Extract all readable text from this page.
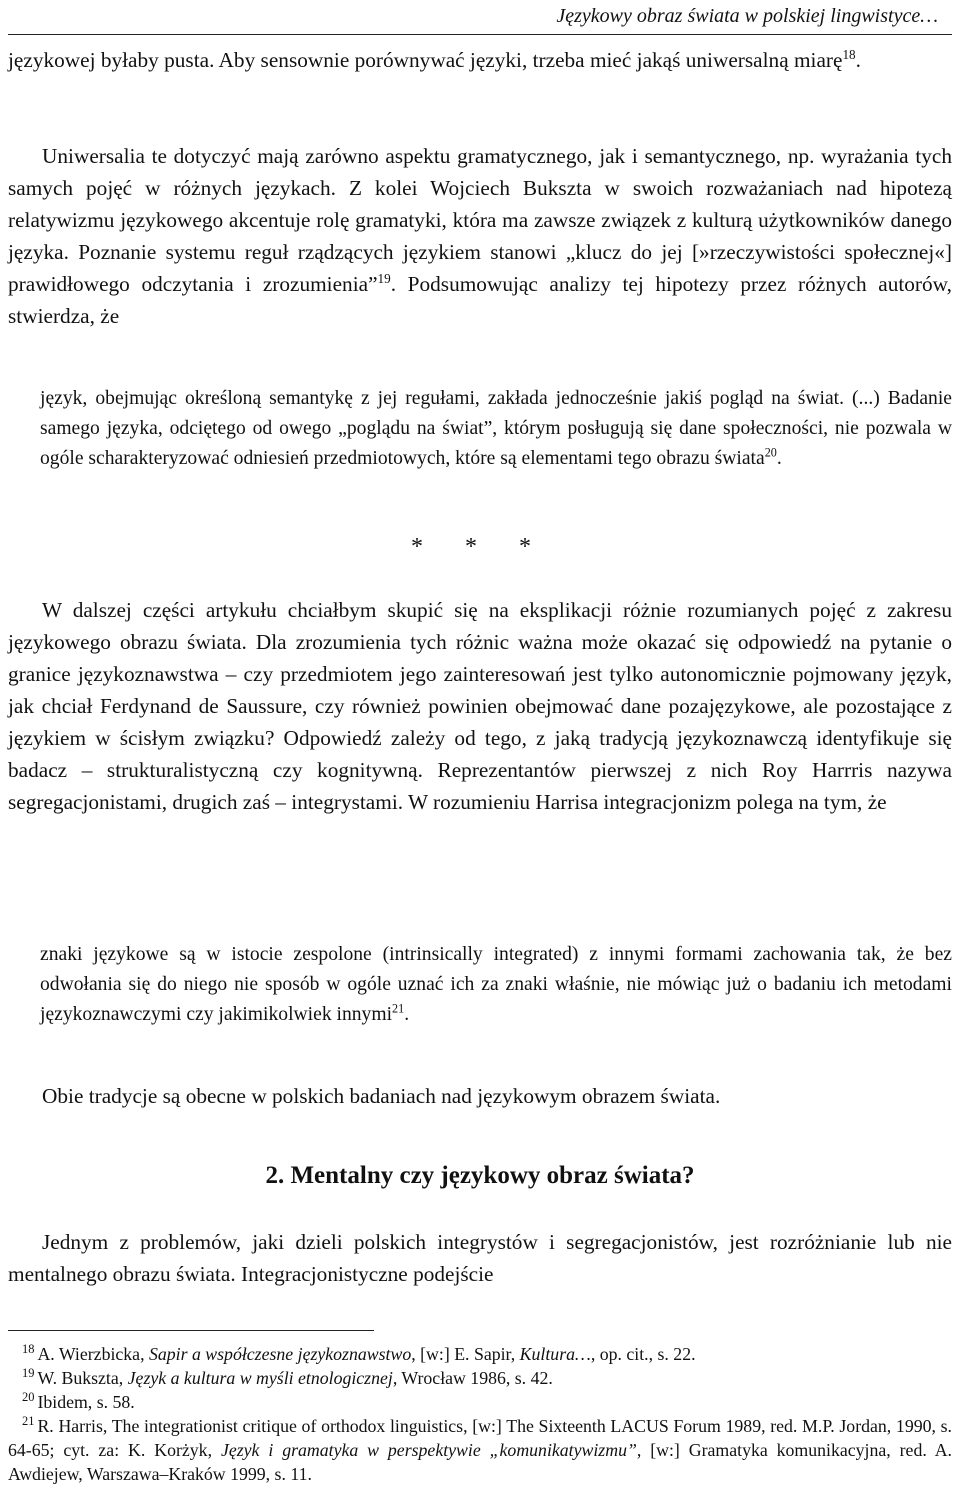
Językowy obraz świata w polskiej lingwistyce…

językowej byłaby pusta. Aby sensownie porównywać języki, trzeba mieć jakąś uniwersalną miarę$^{18}$.

Uniwersalia te dotyczyć mają zarówno aspektu gramatycznego, jak i semantycznego, np. wyrażania tych samych pojęć w różnych językach. Z kolei Wojciech Bukszta w swoich rozważaniach nad hipotezą relatywizmu językowego akcentuje rolę gramatyki, która ma zawsze związek z kulturą użytkowników danego języka. Poznanie systemu reguł rządzących językiem stanowi „klucz do jej [»rzeczywistości społecznej«] prawidłowego odczytania i zrozumienia”$^{19}$. Podsumowując analizy tej hipotezy przez różnych autorów, stwierdza, że

język, obejmując określoną semantykę z jej regułami, zakłada jednocześnie jakiś pogląd na świat. (...) Badanie samego języka, odciętego od owego „poglądu na świat”, którym posługują się dane społeczności, nie pozwala w ogóle scharakteryzować odniesień przedmiotowych, które są elementami tego obrazu świata$^{20}$.

* * *

W dalszej części artykułu chciałbym skupić się na eksplikacji różnie rozumianych pojęć z zakresu językowego obrazu świata. Dla zrozumienia tych różnic ważna może okazać się odpowiedź na pytanie o granice językoznawstwa – czy przedmiotem jego zainteresowań jest tylko autonomicznie pojmowany język, jak chciał Ferdynand de Saussure, czy również powinien obejmować dane pozajęzykowe, ale pozostające z językiem w ścisłym związku? Odpowiedź zależy od tego, z jaką tradycją językoznawczą identyfikuje się badacz – strukturalistyczną czy kognitywną. Reprezentantów pierwszej z nich Roy Harrris nazywa segregacjonistami, drugich zaś – integrystami. W rozumieniu Harrisa integracjonizm polega na tym, że

znaki językowe są w istocie zespolone (intrinsically integrated) z innymi formami zachowania tak, że bez odwołania się do niego nie sposób w ogóle uznać ich za znaki właśnie, nie mówiąc już o badaniu ich metodami językoznawczymi czy jakimikolwiek innymi$^{21}$.

Obie tradycje są obecne w polskich badaniach nad językowym obrazem świata.

2. Mentalny czy językowy obraz świata?

Jednym z problemów, jaki dzieli polskich integrystów i segregacjonistów, jest rozróżnianie lub nie mentalnego obrazu świata. Integracjonistyczne podejście

$^{18}$ A. Wierzbicka, Sapir a współczesne językoznawstwo, [w:] E. Sapir, Kultura…, op. cit., s. 22.

$^{19}$ W. Bukszta, Język a kultura w myśli etnologicznej, Wrocław 1986, s. 42.

$^{20}$ Ibidem, s. 58.

$^{21}$ R. Harris, The integrationist critique of orthodox linguistics, [w:] The Sixteenth LACUS Forum 1989, red. M.P. Jordan, 1990, s. 64-65; cyt. za: K. Korżyk, Język i gramatyka w perspektywie „komunikatywizmu”, [w:] Gramatyka komunikacyjna, red. A. Awdiejew, Warszawa–Kraków 1999, s. 11.
